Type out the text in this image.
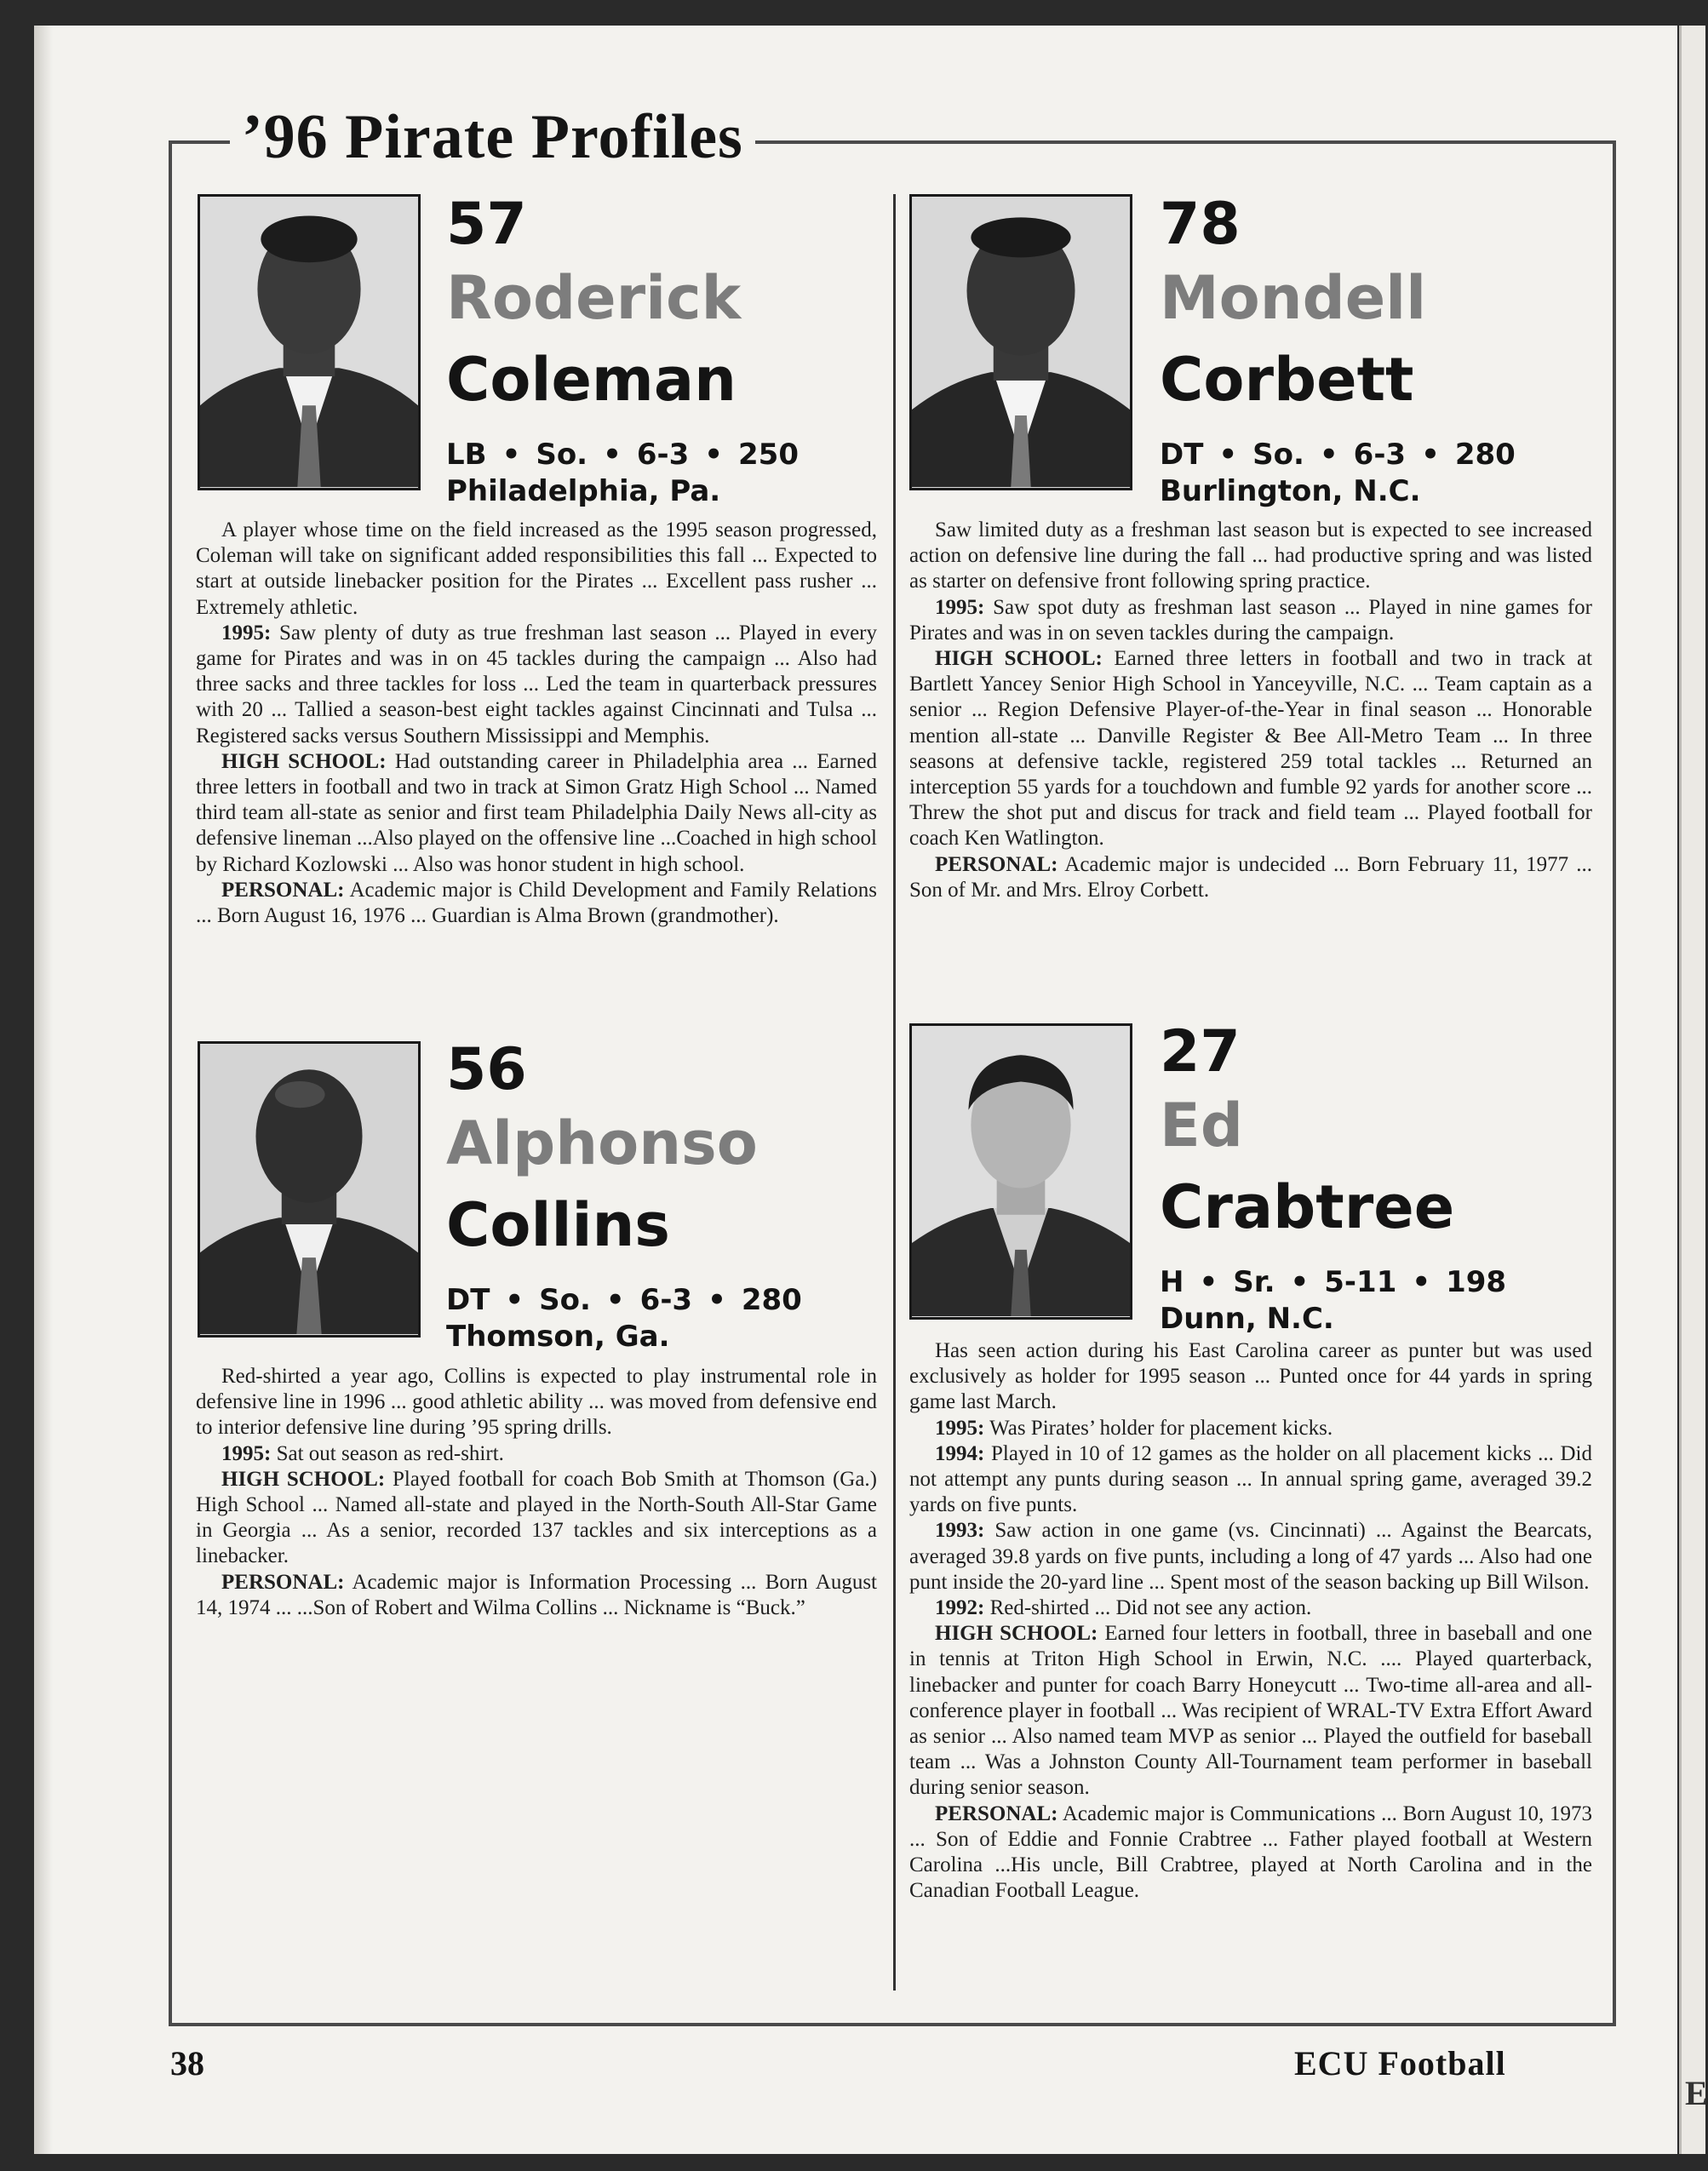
E
’96 Pirate Profiles
57
Roderick
Coleman
LB • So. • 6-3 • 250
Philadelphia, Pa.

A player whose time on the field increased as the 1995 season progressed, Coleman will take on significant added responsibilities this fall ... Expected to start at outside linebacker position for the Pirates ... Excellent pass rusher ... Extremely athletic.

1995: Saw plenty of duty as true freshman last season ... Played in every game for Pirates and was in on 45 tackles during the campaign ... Also had three sacks and three tackles for loss ... Led the team in quarterback pressures with 20 ... Tallied a season-best eight tackles against Cincinnati and Tulsa ... Registered sacks versus Southern Mississippi and Memphis.

HIGH SCHOOL: Had outstanding career in Philadelphia area ... Earned three letters in football and two in track at Simon Gratz High School ... Named third team all-state as senior and first team Philadelphia Daily News all-city as defensive lineman ...Also played on the offensive line ...Coached in high school by Richard Kozlowski ... Also was honor student in high school.

PERSONAL: Academic major is Child Development and Family Relations ... Born August 16, 1976 ... Guardian is Alma Brown (grandmother).

78
Mondell
Corbett
DT • So. • 6-3 • 280
Burlington, N.C.

Saw limited duty as a freshman last season but is expected to see increased action on defensive line during the fall ... had productive spring and was listed as starter on defensive front following spring practice.

1995: Saw spot duty as freshman last season ... Played in nine games for Pirates and was in on seven tackles during the campaign.

HIGH SCHOOL: Earned three letters in football and two in track at Bartlett Yancey Senior High School in Yanceyville, N.C. ... Team captain as a senior ... Region Defensive Player-of-the-Year in final season ... Honorable mention all-state ... Danville Register & Bee All-Metro Team ... In three seasons at defensive tackle, registered 259 total tackles ... Returned an interception 55 yards for a touchdown and fumble 92 yards for another score ... Threw the shot put and discus for track and field team ... Played football for coach Ken Watlington.

PERSONAL: Academic major is undecided ... Born February 11, 1977 ... Son of Mr. and Mrs. Elroy Corbett.

56
Alphonso
Collins
DT • So. • 6-3 • 280
Thomson, Ga.

Red-shirted a year ago, Collins is expected to play instrumental role in defensive line in 1996 ... good athletic ability ... was moved from defensive end to interior defensive line during ’95 spring drills.

1995: Sat out season as red-shirt.

HIGH SCHOOL: Played football for coach Bob Smith at Thomson (Ga.) High School ... Named all-state and played in the North-South All-Star Game in Georgia ... As a senior, recorded 137 tackles and six interceptions as a linebacker.

PERSONAL: Academic major is Information Processing ... Born August 14, 1974 ... ...Son of Robert and Wilma Collins ... Nickname is “Buck.”

27
Ed
Crabtree
H • Sr. • 5-11 • 198
Dunn, N.C.

Has seen action during his East Carolina career as punter but was used exclusively as holder for 1995 season ... Punted once for 44 yards in spring game last March.

1995: Was Pirates’ holder for placement kicks.

1994: Played in 10 of 12 games as the holder on all placement kicks ... Did not attempt any punts during season ... In annual spring game, averaged 39.2 yards on five punts.

1993: Saw action in one game (vs. Cincinnati) ... Against the Bearcats, averaged 39.8 yards on five punts, including a long of 47 yards ... Also had one punt inside the 20-yard line ... Spent most of the season backing up Bill Wilson.

1992: Red-shirted ... Did not see any action.

HIGH SCHOOL: Earned four letters in football, three in baseball and one in tennis at Triton High School in Erwin, N.C. .... Played quarterback, linebacker and punter for coach Barry Honeycutt ... Two-time all-area and all-conference player in football ... Was recipient of WRAL-TV Extra Effort Award as senior ... Also named team MVP as senior ... Played the outfield for baseball team ... Was a Johnston County All-Tournament team performer in baseball during senior season.

PERSONAL: Academic major is Communications ... Born August 10, 1973 ... Son of Eddie and Fonnie Crabtree ... Father played football at Western Carolina ...His uncle, Bill Crabtree, played at North Carolina and in the Canadian Football League.

38	ECU Football
